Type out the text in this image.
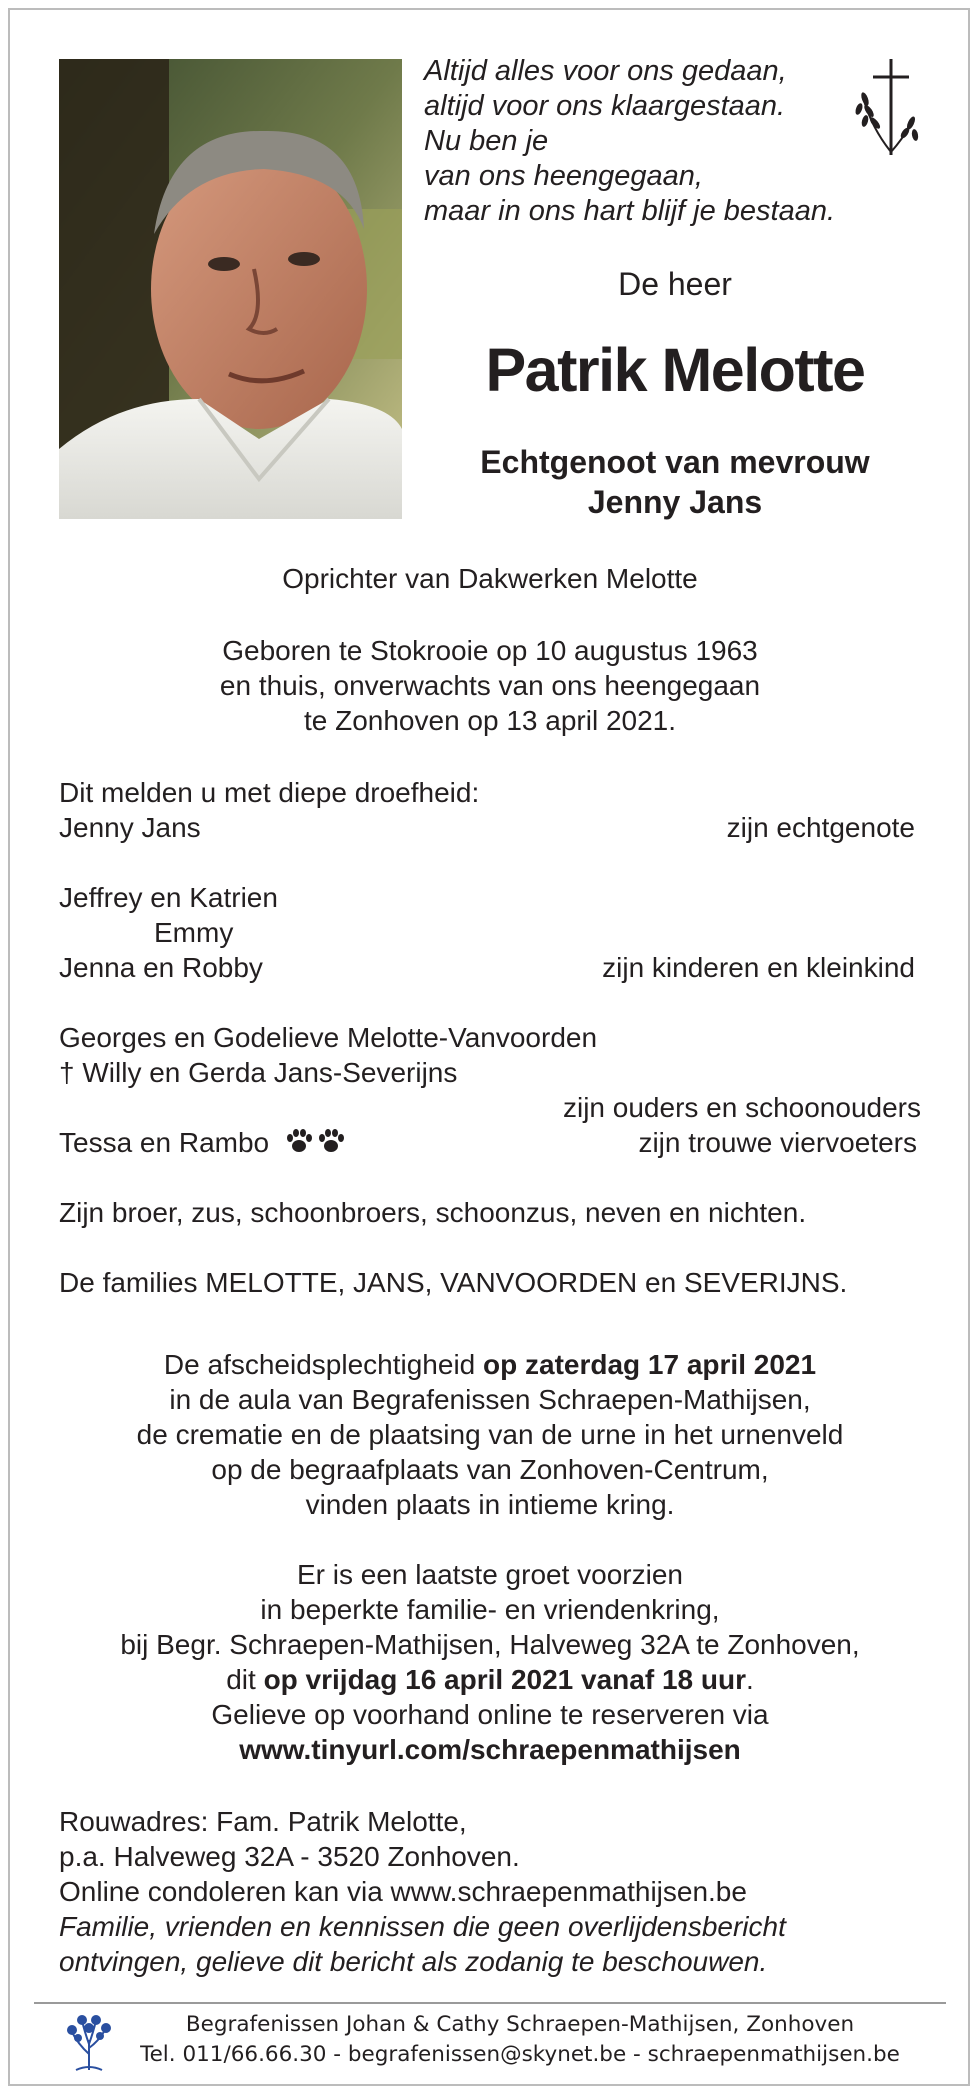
Altijd alles voor ons gedaan,
altijd voor ons klaargestaan.
Nu ben je
van ons heengegaan,
maar in ons hart blijf je bestaan.
De heer
Patrik Melotte
Echtgenoot van mevrouw
Jenny Jans
Oprichter van Dakwerken Melotte
Geboren te Stokrooie op 10 augustus 1963
en thuis, onverwachts van ons heengegaan
te Zonhoven op 13 april 2021.
Dit melden u met diepe droefheid:
Jenny Jans	zijn echtgenote
Jeffrey en Katrien
Emmy
Jenna en Robby	zijn kinderen en kleinkind
Georges en Godelieve Melotte-Vanvoorden
† Willy en Gerda Jans-Severijns
zijn ouders en schoonouders
Tessa en Rambo	zijn trouwe viervoeters
Zijn broer, zus, schoonbroers, schoonzus, neven en nichten.
De families MELOTTE, JANS, VANVOORDEN en SEVERIJNS.
De afscheidsplechtigheid op zaterdag 17 april 2021
in de aula van Begrafenissen Schraepen-Mathijsen,
de crematie en de plaatsing van de urne in het urnenveld
op de begraafplaats van Zonhoven-Centrum,
vinden plaats in intieme kring.
Er is een laatste groet voorzien
in beperkte familie- en vriendenkring,
bij Begr. Schraepen-Mathijsen, Halveweg 32A te Zonhoven,
dit op vrijdag 16 april 2021 vanaf 18 uur.
Gelieve op voorhand online te reserveren via
www.tinyurl.com/schraepenmathijsen
Rouwadres: Fam. Patrik Melotte,
p.a. Halveweg 32A - 3520 Zonhoven.
Online condoleren kan via www.schraepenmathijsen.be
Familie, vrienden en kennissen die geen overlijdensbericht
ontvingen, gelieve dit bericht als zodanig te beschouwen.
Begrafenissen Johan & Cathy Schraepen-Mathijsen, Zonhoven
Tel. 011/66.66.30 - begrafenissen@skynet.be - schraepenmathijsen.be
